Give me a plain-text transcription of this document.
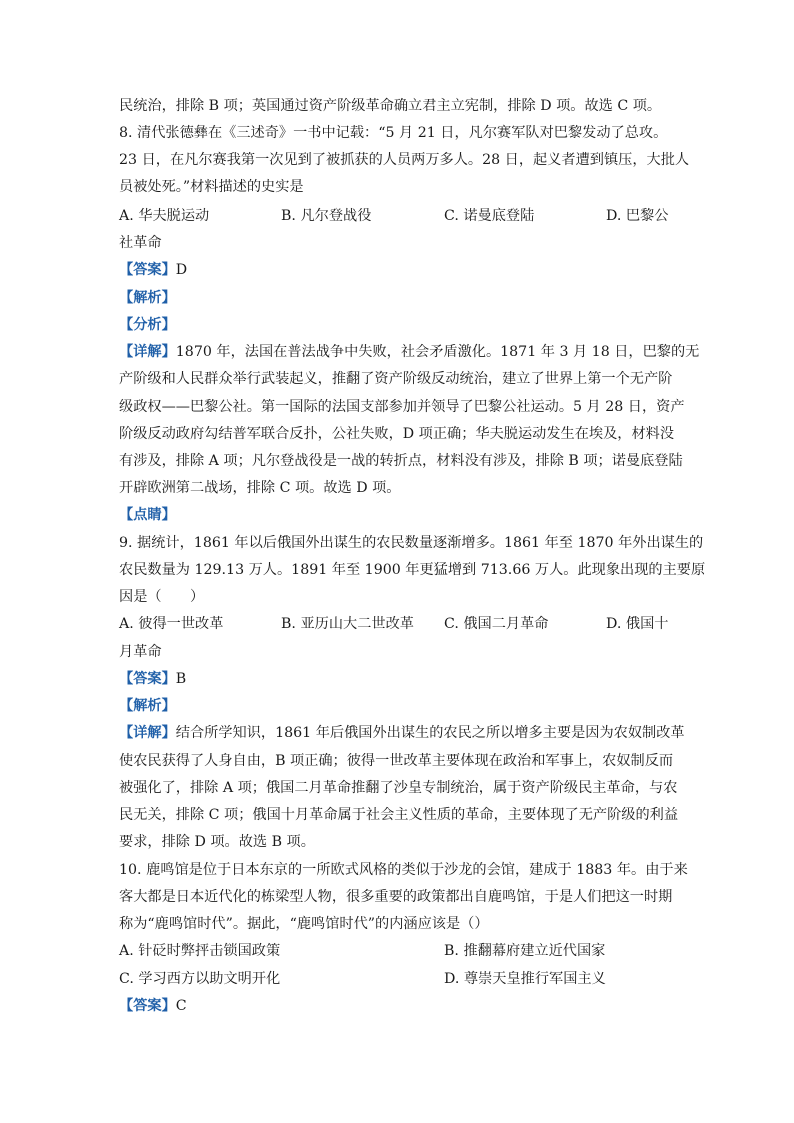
民统治，排除 B 项；英国通过资产阶级革命确立君主立宪制，排除 D 项。故选 C 项。
8. 清代张德彝在《三述奇》一书中记载：“5 月 21 日，凡尔赛军队对巴黎发动了总攻。
23 日，在凡尔赛我第一次见到了被抓获的人员两万多人。28 日，起义者遭到镇压，大批人
员被处死。”材料描述的史实是
A. 华夫脱运动	B. 凡尔登战役	C. 诺曼底登陆	D. 巴黎公
社革命
【答案】D
【解析】
【分析】
【详解】1870 年，法国在普法战争中失败，社会矛盾激化。1871 年 3 月 18 日，巴黎的无
产阶级和人民群众举行武装起义，推翻了资产阶级反动统治，建立了世界上第一个无产阶
级政权——巴黎公社。第一国际的法国支部参加并领导了巴黎公社运动。5 月 28 日，资产
阶级反动政府勾结普军联合反扑，公社失败，D 项正确；华夫脱运动发生在埃及，材料没
有涉及，排除 A 项；凡尔登战役是一战的转折点，材料没有涉及，排除 B 项；诺曼底登陆
开辟欧洲第二战场，排除 C 项。故选 D 项。
【点睛】
9. 据统计，1861 年以后俄国外出谋生的农民数量逐渐增多。1861 年至 1870 年外出谋生的
农民数量为 129.13 万人。1891 年至 1900 年更猛增到 713.66 万人。此现象出现的主要原
因是（　　）
A. 彼得一世改革	B. 亚历山大二世改革 C. 俄国二月革命	D. 俄国十
月革命
【答案】B
【解析】
【详解】结合所学知识，1861 年后俄国外出谋生的农民之所以增多主要是因为农奴制改革
使农民获得了人身自由，B 项正确；彼得一世改革主要体现在政治和军事上，农奴制反而
被强化了，排除 A 项；俄国二月革命推翻了沙皇专制统治，属于资产阶级民主革命，与农
民无关，排除 C 项；俄国十月革命属于社会主义性质的革命，主要体现了无产阶级的利益
要求，排除 D 项。故选 B 项。
10. 鹿鸣馆是位于日本东京的一所欧式风格的类似于沙龙的会馆，建成于 1883 年。由于来
客大都是日本近代化的栋梁型人物，很多重要的政策都出自鹿鸣馆，于是人们把这一时期
称为“鹿鸣馆时代”。据此，“鹿鸣馆时代”的内涵应该是（）
A. 针砭时弊抨击锁国政策	B. 推翻幕府建立近代国家
C. 学习西方以助文明开化	D. 尊崇天皇推行军国主义
【答案】C
